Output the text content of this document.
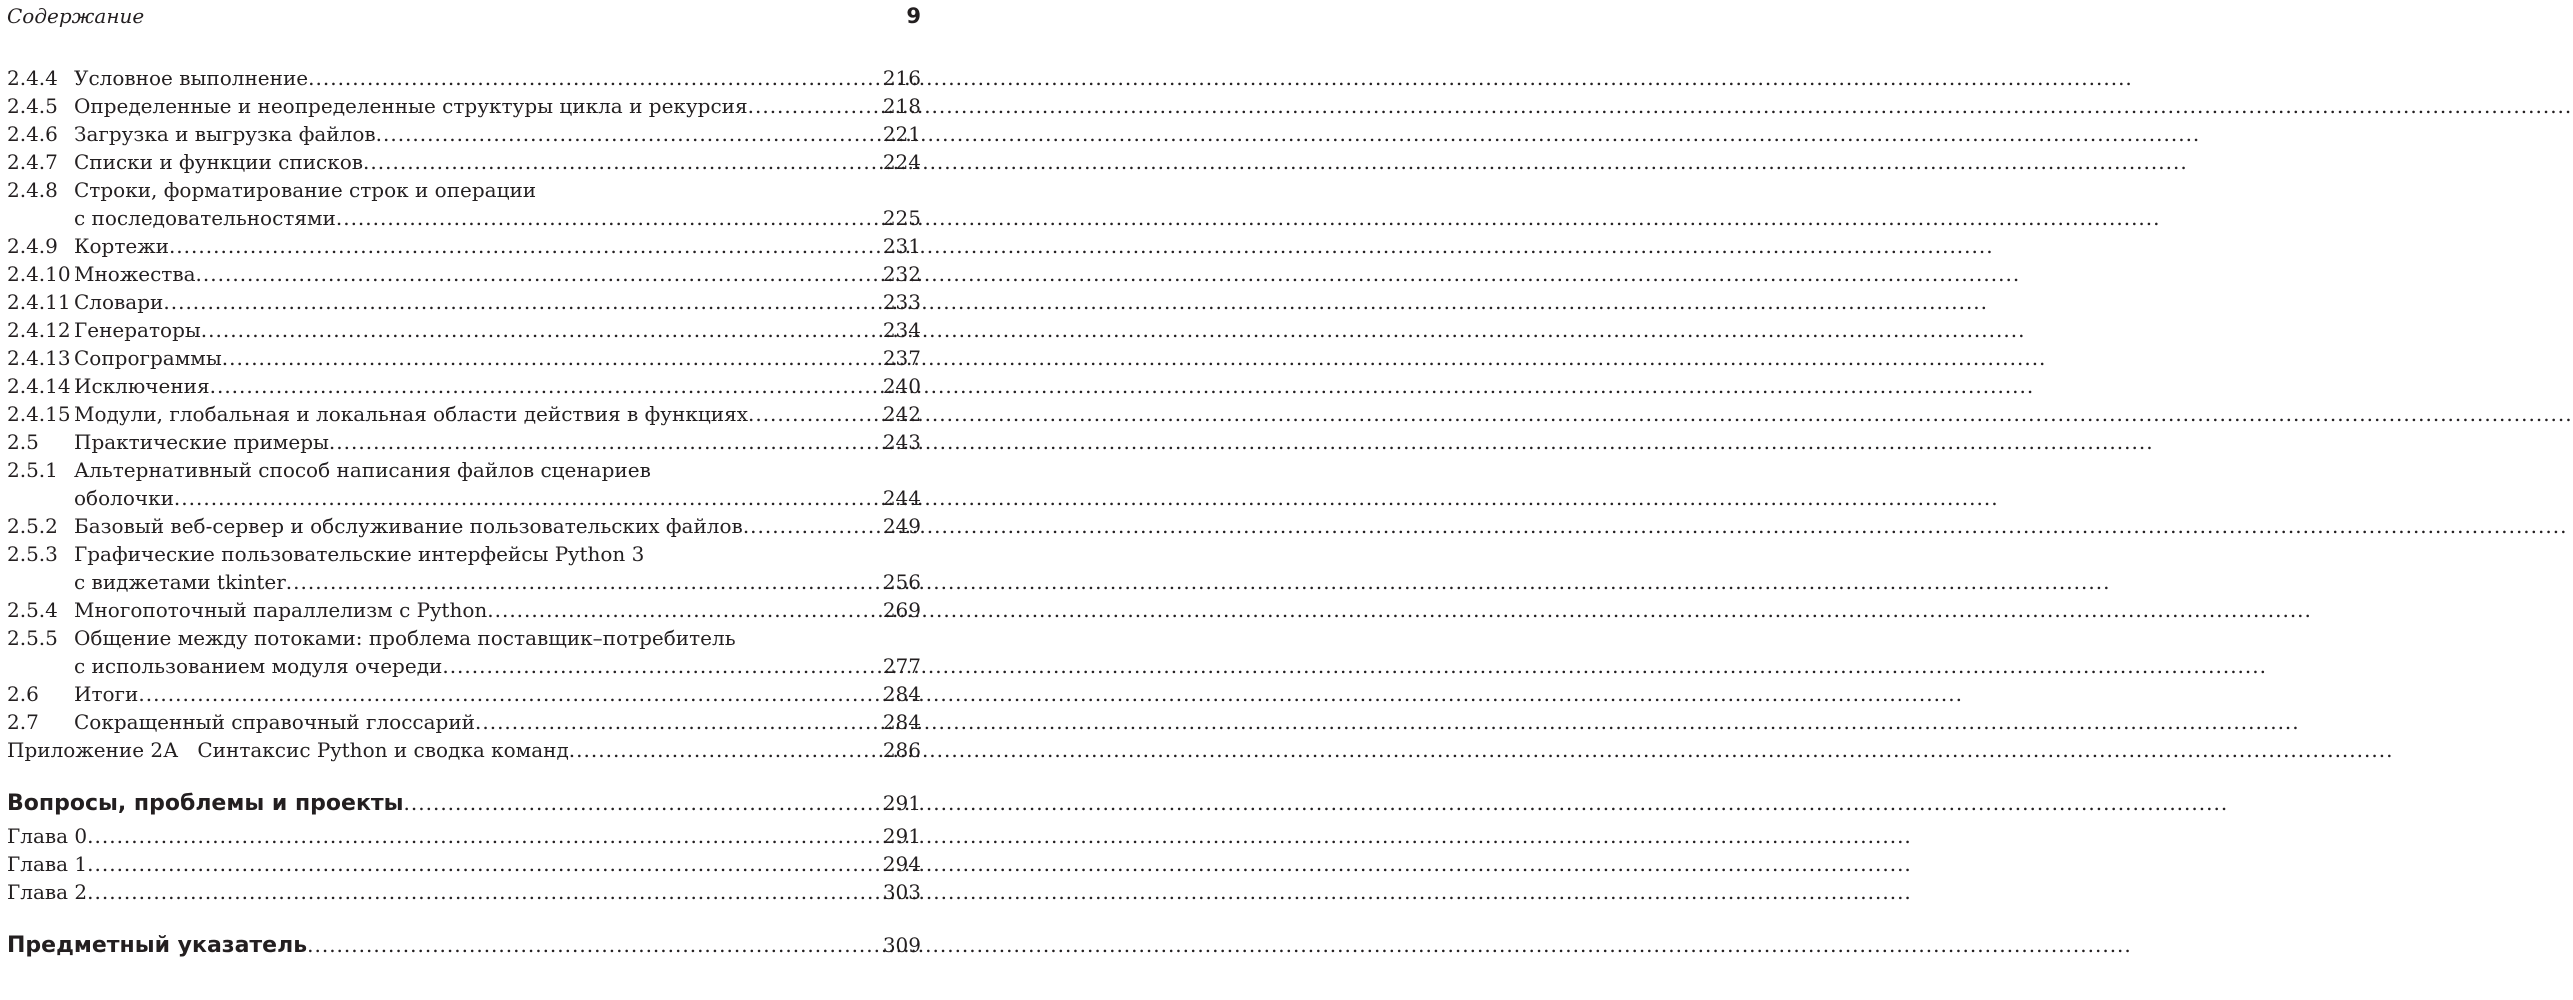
Содержание	9
2.4.4 Условное выполнение .....	216
2.4.5 Определенные и неопределенные структуры цикла и рекурсия .....	218
2.4.6 Загрузка и выгрузка файлов .....	221
2.4.7 Списки и функции списков .....	224
2.4.8 Строки, форматирование строк и операции
с последовательностями .....	225
2.4.9 Кортежи .....	231
2.4.10 Множества .....	232
2.4.11 Словари .....	233
2.4.12 Генераторы .....	234
2.4.13 Сопрограммы .....	237
2.4.14 Исключения .....	240
2.4.15 Модули, глобальная и локальная области действия в функциях .....	242
2.5 Практические примеры .....	243
2.5.1 Альтернативный способ написания файлов сценариев
оболочки .....	244
2.5.2 Базовый веб-сервер и обслуживание пользовательских файлов .....	249
2.5.3 Графические пользовательские интерфейсы Python 3
с виджетами tkinter .....	256
2.5.4 Многопоточный параллелизм с Python .....	269
2.5.5 Общение между потоками: проблема поставщик–потребитель
с использованием модуля очереди .....	277
2.6 Итоги .....	284
2.7 Сокращенный справочный глоссарий .....	284
Приложение 2А   Синтаксис Python и сводка команд .....	286
Вопросы, проблемы и проекты .....	291
Глава 0 .....	291
Глава 1 .....	294
Глава 2 .....	303
Предметный указатель .....	309
